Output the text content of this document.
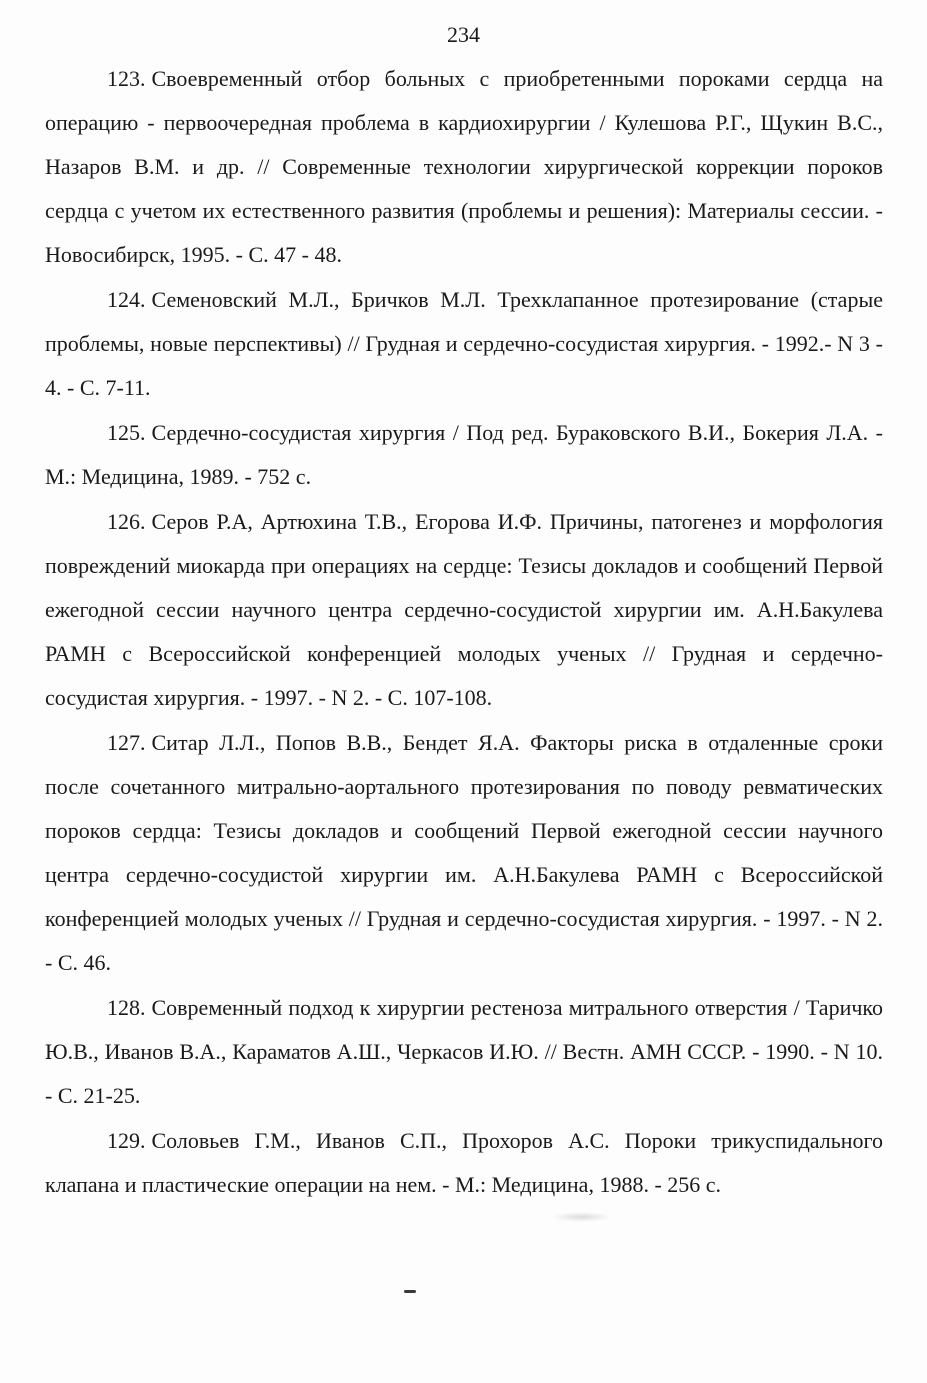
234

123. Своевременный отбор больных с приобретенными пороками сердца на операцию - первоочередная проблема в кардиохирургии / Кулешова Р.Г., Щукин В.С., Назаров В.М. и др. // Современные технологии хирургической коррекции пороков сердца с учетом их естественного развития (проблемы и решения): Материалы сессии. - Новосибирск, 1995. - С. 47 - 48.

124. Семеновский М.Л., Бричков М.Л. Трехклапанное протезирование (старые проблемы, новые перспективы) // Грудная и сердечно-сосудистая хирургия. - 1992.- N 3 - 4. - С. 7-11.

125. Сердечно-сосудистая хирургия / Под ред. Бураковского В.И., Бокерия Л.А. - М.: Медицина, 1989. - 752 с.

126. Серов Р.А, Артюхина Т.В., Егорова И.Ф. Причины, патогенез и морфология повреждений миокарда при операциях на сердце: Тезисы докладов и сообщений Первой ежегодной сессии научного центра сердечно-сосудистой хирургии им. А.Н.Бакулева РАМН с Всероссийской конференцией молодых ученых // Грудная и сердечно-сосудистая хирургия. - 1997. - N 2. - С. 107-108.

127. Ситар Л.Л., Попов В.В., Бендет Я.А. Факторы риска в отдаленные сроки после сочетанного митрально-аортального протезирования по поводу ревматических пороков сердца: Тезисы докладов и сообщений Первой ежегодной сессии научного центра сердечно-сосудистой хирургии им. А.Н.Бакулева РАМН с Всероссийской конференцией молодых ученых // Грудная и сердечно-сосудистая хирургия. - 1997. - N 2. - С. 46.

128. Современный подход к хирургии рестеноза митрального отверстия / Таричко Ю.В., Иванов В.А., Караматов А.Ш., Черкасов И.Ю. // Вестн. АМН СССР. - 1990. - N 10. - С. 21-25.

129. Соловьев Г.М., Иванов С.П., Прохоров А.С. Пороки трикуспидального клапана и пластические операции на нем. - М.: Медицина, 1988. - 256 с.
